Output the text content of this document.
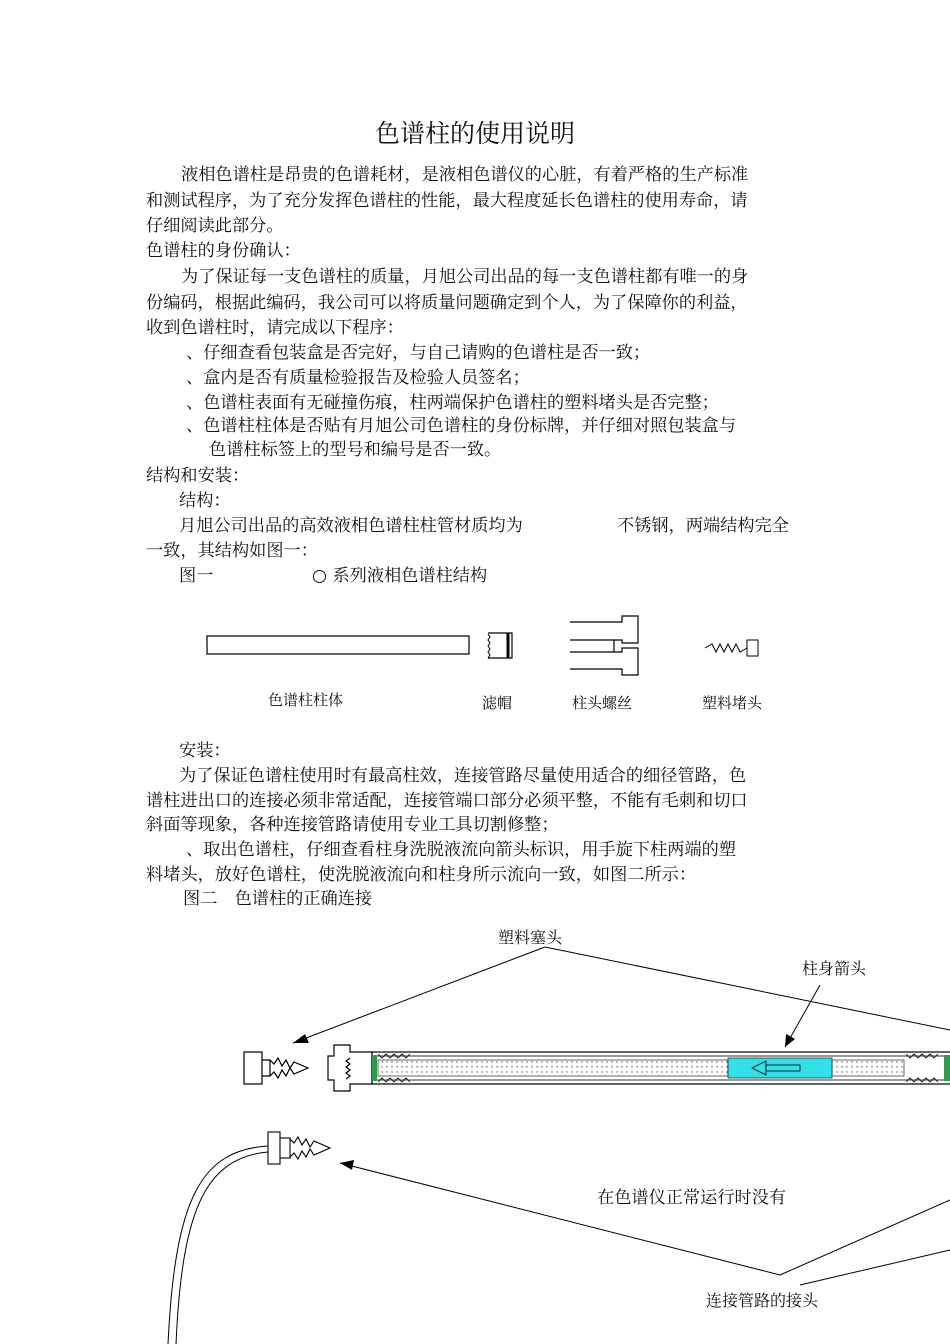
色谱柱的使用说明
液相色谱柱是昂贵的色谱耗材，是液相色谱仪的心脏，有着严格的生产标准
和测试程序，为了充分发挥色谱柱的性能，最大程度延长色谱柱的使用寿命，请
仔细阅读此部分。
色谱柱的身份确认：
为了保证每一支色谱柱的质量，月旭公司出品的每一支色谱柱都有唯一的身
份编码，根据此编码，我公司可以将质量问题确定到个人，为了保障你的利益，
收到色谱柱时，请完成以下程序：
、仔细查看包装盒是否完好，与自己请购的色谱柱是否一致；
、盒内是否有质量检验报告及检验人员签名；
、色谱柱表面有无碰撞伤痕，柱两端保护色谱柱的塑料堵头是否完整；
、色谱柱柱体是否贴有月旭公司色谱柱的身份标牌，并仔细对照包装盒与
色谱柱标签上的型号和编号是否一致。
结构和安装：
结构：
月旭公司出品的高效液相色谱柱柱管材质均为	不锈钢，两端结构完全
一致，其结构如图一：
图一	○ 系列液相色谱柱结构
色谱柱柱体	滤帽	柱头螺丝	塑料堵头
安装：
为了保证色谱柱使用时有最高柱效，连接管路尽量使用适合的细径管路，色
谱柱进出口的连接必须非常适配，连接管端口部分必须平整，不能有毛刺和切口
斜面等现象，各种连接管路请使用专业工具切割修整；
、取出色谱柱，仔细查看柱身洗脱液流向箭头标识，用手旋下柱两端的塑
料堵头，放好色谱柱，使洗脱液流向和柱身所示流向一致，如图二所示：
图二　色谱柱的正确连接
塑料塞头
柱身箭头
在色谱仪正常运行时没有
连接管路的接头
